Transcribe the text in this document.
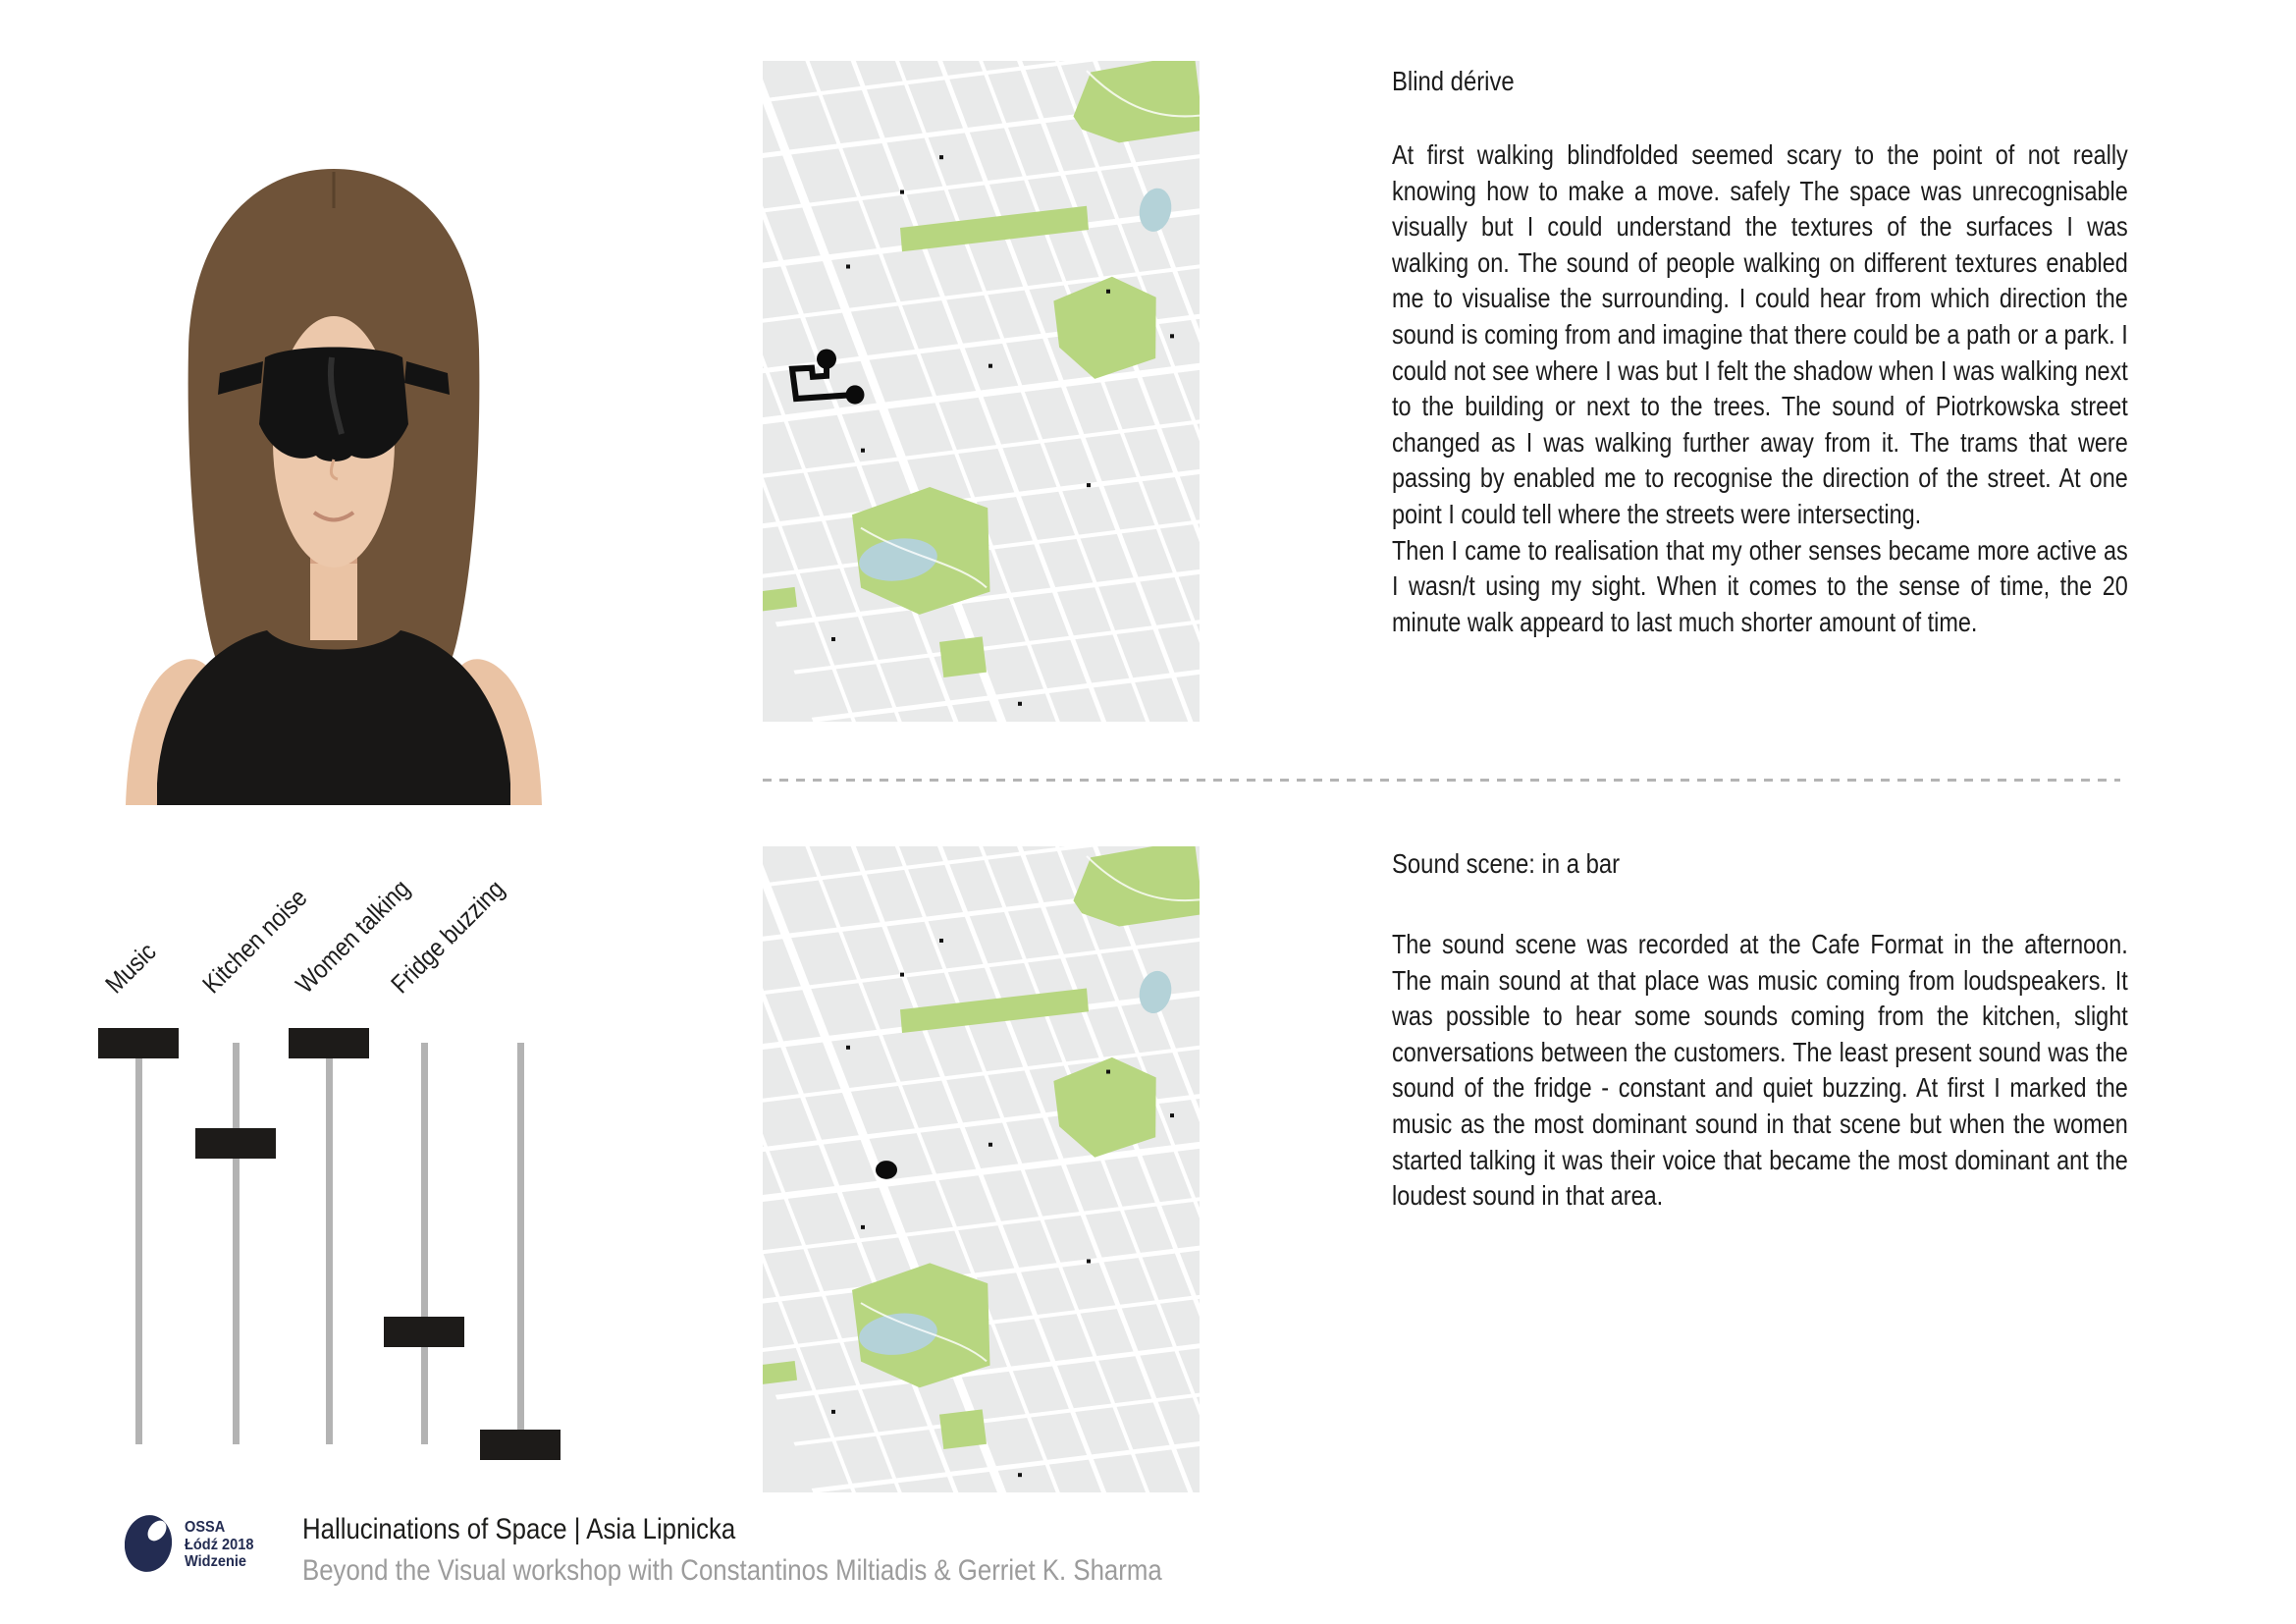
Music Kitchen noise
Women talking
Fridge buzzing
Blind dérive

At first walking blindfolded seemed scary to the point of not really knowing how to make a move. safely The space was unrecognisable visually but I could understand the textures of the surfaces I was walking on. The sound of people walking on different textures enabled me to visualise the surrounding. I could hear from which direction the sound is coming from and imagine that there could be a path or a park. I could not see where I was but I felt the shadow when I was walking next to the building or next to the trees. The sound of Piotrkowska street changed as I was walking further away from it. The trams that were passing by enabled me to recognise the direction of the street. At one point I could tell where the streets were intersecting.

Then I came to realisation that my other senses became more active as I wasn/t using my sight. When it comes to the sense of time, the 20 minute walk appeard to last much shorter amount of time.

Sound scene: in a bar

The sound scene was recorded at the Cafe Format in the afternoon. The main sound at that place was music coming from loudspeakers. It was possible to hear some sounds coming from the kitchen, slight conversations between the customers. The least present sound was the sound of the fridge - constant and quiet buzzing. At first I marked the music as the most dominant sound in that scene but when the women started talking it was their voice that became the most dominant ant the loudest sound in that area.

OSSA
Łódź 2018
Widzenie

Hallucinations of Space | Asia Lipnicka

Beyond the Visual workshop with Constantinos Miltiadis & Gerriet K. Sharma
